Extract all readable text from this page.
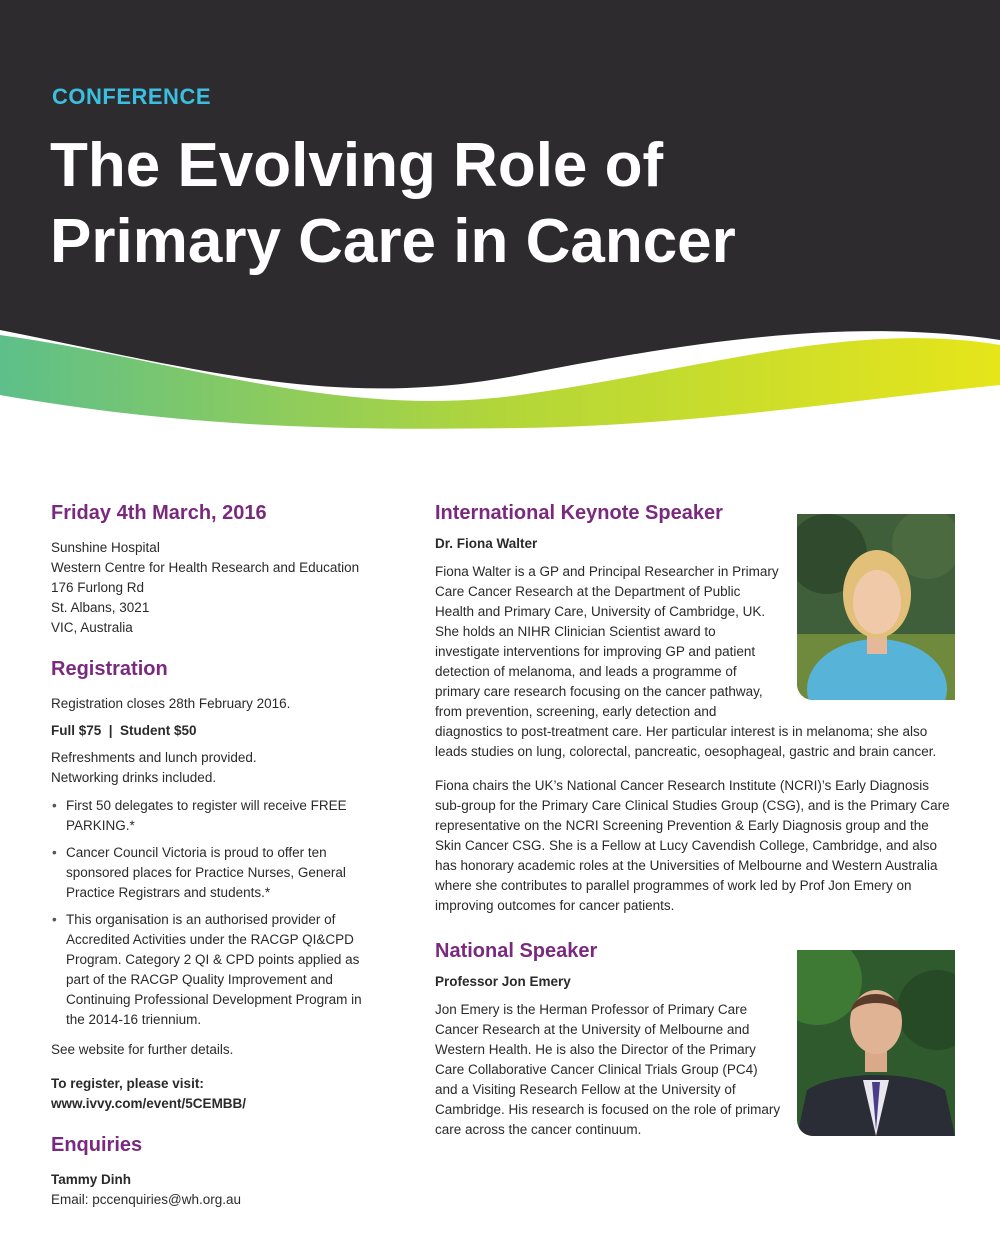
CONFERENCE
The Evolving Role of
Primary Care in Cancer
Friday 4th March, 2016
Sunshine Hospital
Western Centre for Health Research and Education
176 Furlong Rd
St. Albans, 3021
VIC, Australia
Registration
Registration closes 28th February 2016.
Full $75  |  Student $50
Refreshments and lunch provided.
Networking drinks included.
• First 50 delegates to register will receive FREE PARKING.*
• Cancer Council Victoria is proud to offer ten sponsored places for Practice Nurses, General Practice Registrars and students.*
• This organisation is an authorised provider of Accredited Activities under the RACGP QI&CPD Program. Category 2 QI & CPD points applied as part of the RACGP Quality Improvement and Continuing Professional Development Program in the 2014-16 triennium.
See website for further details.
To register, please visit:
www.ivvy.com/event/5CEMBB/
Enquiries
Tammy Dinh
Email: pccenquiries@wh.org.au
International Keynote Speaker
Dr. Fiona Walter

Fiona Walter is a GP and Principal Researcher in Primary Care Cancer Research at the Department of Public Health and Primary Care, University of Cambridge, UK. She holds an NIHR Clinician Scientist award to investigate interventions for improving GP and patient detection of melanoma, and leads a programme of primary care research focusing on the cancer pathway, from prevention, screening, early detection and diagnostics to post-treatment care. Her particular interest is in melanoma; she also leads studies on lung, colorectal, pancreatic, oesophageal, gastric and brain cancer.

Fiona chairs the UK’s National Cancer Research Institute (NCRI)’s Early Diagnosis sub-group for the Primary Care Clinical Studies Group (CSG), and is the Primary Care representative on the NCRI Screening Prevention & Early Diagnosis group and the Skin Cancer CSG. She is a Fellow at Lucy Cavendish College, Cambridge, and also has honorary academic roles at the Universities of Melbourne and Western Australia where she contributes to parallel programmes of work led by Prof Jon Emery on improving outcomes for cancer patients.

National Speaker
Professor Jon Emery

Jon Emery is the Herman Professor of Primary Care Cancer Research at the University of Melbourne and Western Health. He is also the Director of the Primary Care Collaborative Cancer Clinical Trials Group (PC4) and a Visiting Research Fellow at the University of Cambridge. His research is focused on the role of primary care across the cancer continuum.
